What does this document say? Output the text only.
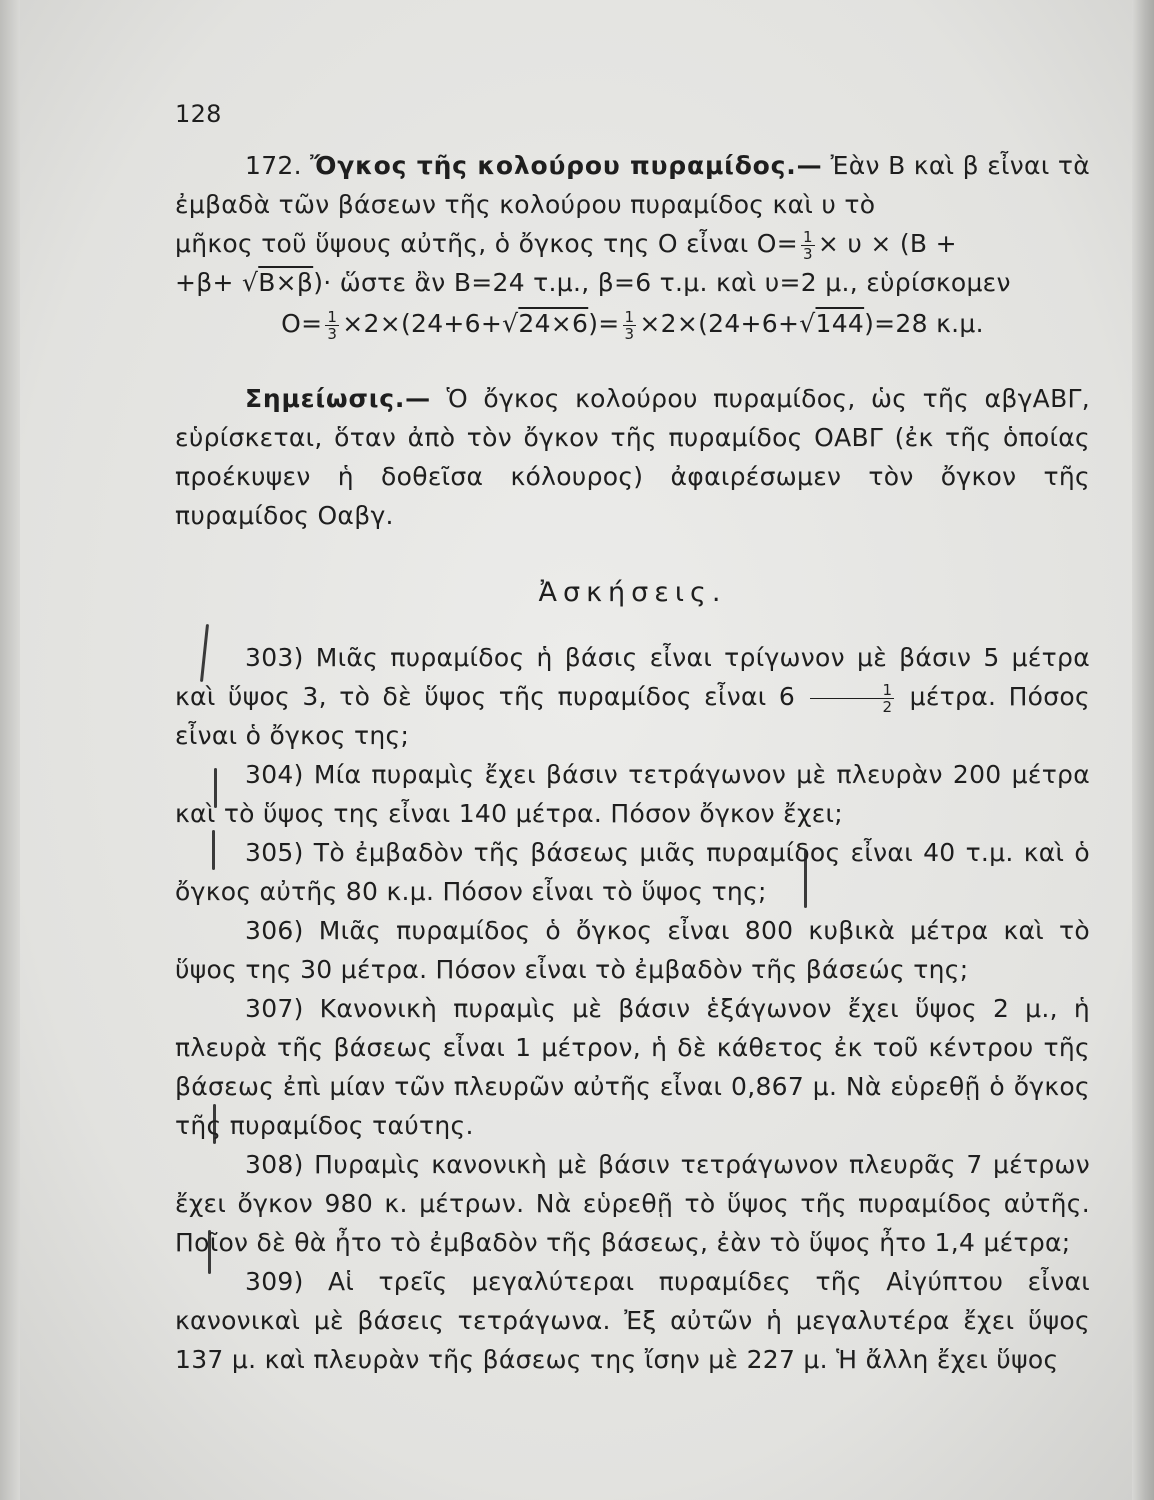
128

172. Ὄγκος τῆς κολούρου πυραμίδος.— Ἐὰν Β καὶ β εἶναι τὰ ἐμβαδὰ τῶν βάσεων τῆς κολούρου πυραμίδος καὶ υ τὸ

μῆκος τοῦ ὕψους αὐτῆς, ὁ ὄγκος της Ο εἶναι $O= \frac{1}{3} \times \upsilon \times (B$ +

+β+ √Β×β)· ὥστε ἂν Β=24 τ.μ., β=6 τ.μ. καὶ υ=2 μ., εὑρίσκομεν

$O= \frac{1}{3} \times 2\times(24+6+√24\times 6)= \frac{1}{3} \times 2\times(24+6+√144)=28$ κ.μ.

Σημείωσις.— Ὁ ὄγκος κολούρου πυραμίδος, ὡς τῆς αβγΑΒΓ, εὑρίσκεται, ὅταν ἀπὸ τὸν ὄγκον τῆς πυραμίδος ΟΑΒΓ (ἐκ τῆς ὁποίας προέκυψεν ἡ δοθεῖσα κόλουρος) ἀφαιρέσωμεν τὸν ὄγκον τῆς πυραμίδος Οαβγ.

Ἀσκήσεις.

303) Μιᾶς πυραμίδος ἡ βάσις εἶναι τρίγωνον μὲ βάσιν 5 μέτρα καὶ ὕψος 3, τὸ δὲ ὕψος τῆς πυραμίδος εἶναι $6 \frac{1}{2} \mu έ\tau\rho\alpha$. Πόσος εἶναι ὁ ὄγκος της;

304) Μία πυραμὶς ἔχει βάσιν τετράγωνον μὲ πλευρὰν 200 μέτρα καὶ τὸ ὕψος της εἶναι 140 μέτρα. Πόσον ὄγκον ἔχει;

305) Τὸ ἐμβαδὸν τῆς βάσεως μιᾶς πυραμίδος εἶναι 40 τ.μ. καὶ ὁ ὄγκος αὐτῆς 80 κ.μ. Πόσον εἶναι τὸ ὕψος της;

306) Μιᾶς πυραμίδος ὁ ὄγκος εἶναι 800 κυβικὰ μέτρα καὶ τὸ ὕψος της 30 μέτρα. Πόσον εἶναι τὸ ἐμβαδὸν τῆς βάσεώς της;

307) Κανονικὴ πυραμὶς μὲ βάσιν ἑξάγωνον ἔχει ὕψος 2 μ., ἡ πλευρὰ τῆς βάσεως εἶναι 1 μέτρον, ἡ δὲ κάθετος ἐκ τοῦ κέντρου τῆς βάσεως ἐπὶ μίαν τῶν πλευρῶν αὐτῆς εἶναι 0,867 μ. Νὰ εὑρεθῇ ὁ ὄγκος τῆς πυραμίδος ταύτης.

308) Πυραμὶς κανονικὴ μὲ βάσιν τετράγωνον πλευρᾶς 7 μέτρων ἔχει ὄγκον 980 κ. μέτρων. Νὰ εὑρεθῇ τὸ ὕψος τῆς πυραμίδος αὐτῆς. Ποῖον δὲ θὰ ἦτο τὸ ἐμβαδὸν τῆς βάσεως, ἐὰν τὸ ὕψος ἦτο 1,4 μέτρα;

309) Αἱ τρεῖς μεγαλύτεραι πυραμίδες τῆς Αἰγύπτου εἶναι κανονικαὶ μὲ βάσεις τετράγωνα. Ἐξ αὐτῶν ἡ μεγαλυτέρα ἔχει ὕψος 137 μ. καὶ πλευρὰν τῆς βάσεως της ἴσην μὲ 227 μ. Ἡ ἄλλη ἔχει ὕψος
